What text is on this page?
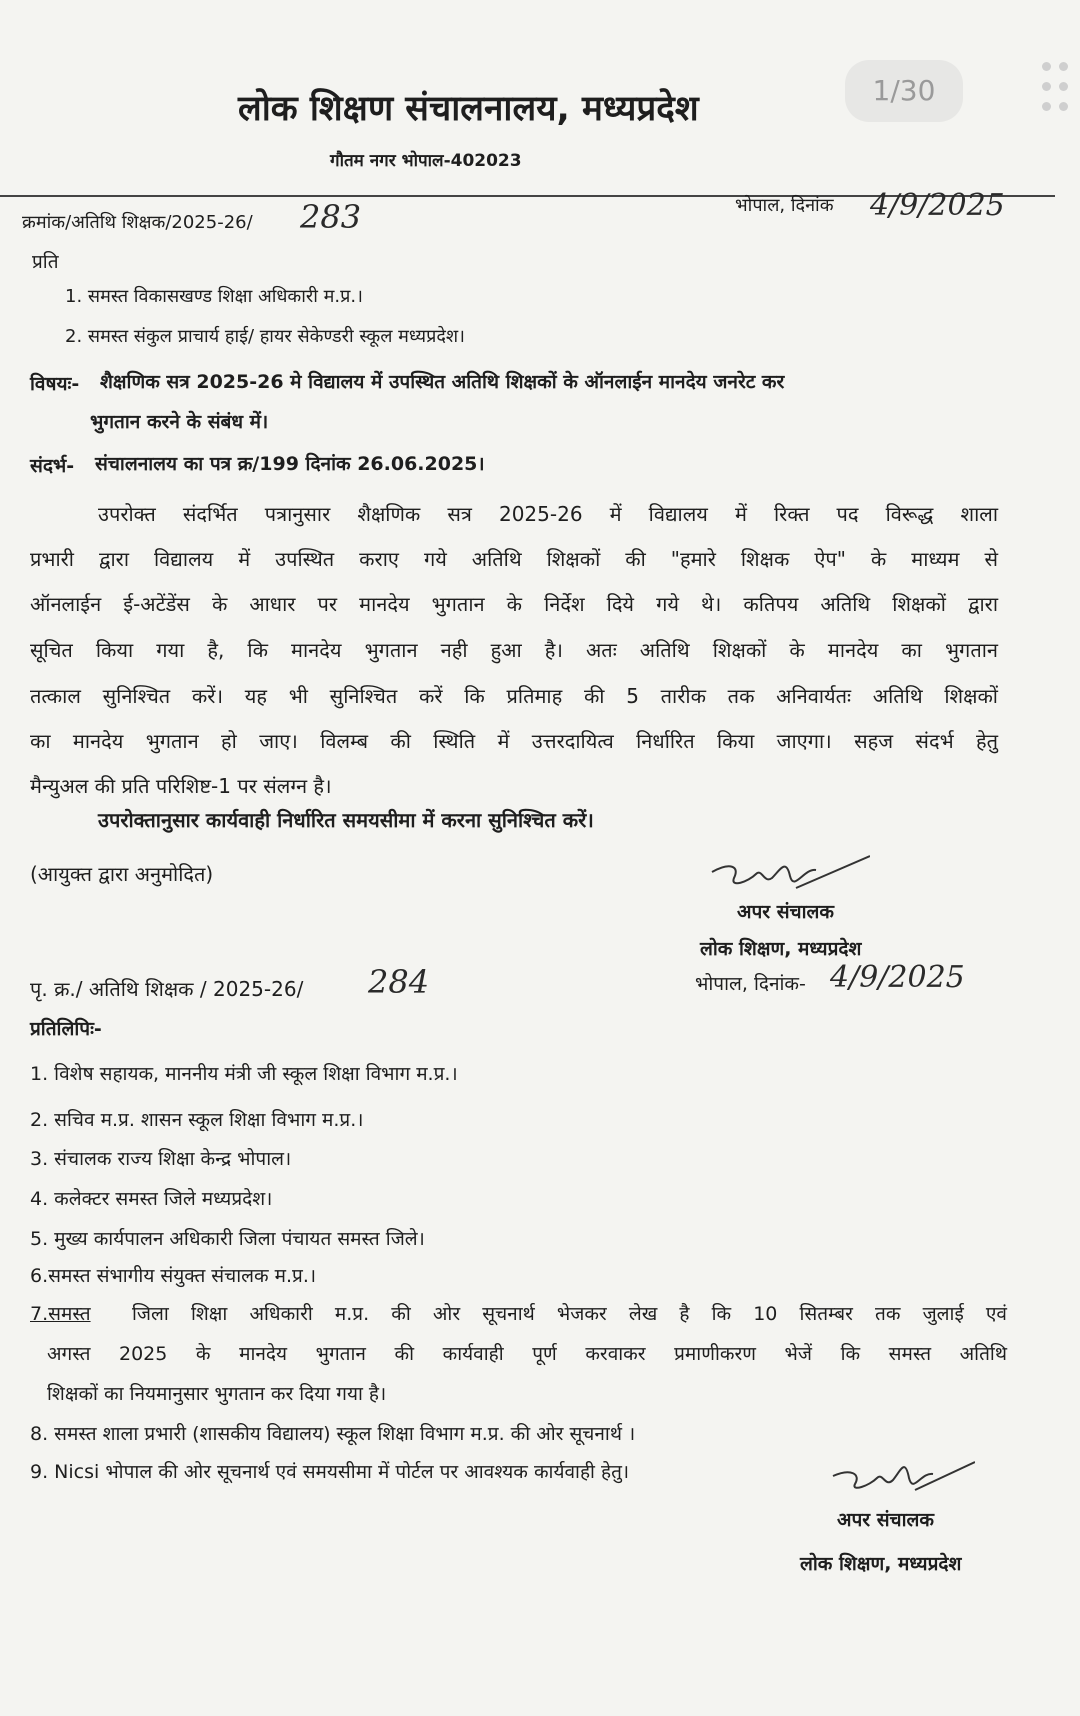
1/30

लोक शिक्षण संचालनालय, मध्यप्रदेश

गौतम नगर भोपाल-402023

क्रमांक/अतिथि शिक्षक/2025-26/ 283	भोपाल, दिनांक 4/9/2025

प्रति

1. समस्त विकासखण्ड शिक्षा अधिकारी म.प्र.।

2. समस्त संकुल प्राचार्य हाई/ हायर सेकेण्डरी स्कूल मध्यप्रदेश।

विषयः- शैक्षणिक सत्र 2025-26 मे विद्यालय में उपस्थित अतिथि शिक्षकों के ऑनलाईन मानदेय जनरेट कर

भुगतान करने के संबंध में।

संदर्भ- संचालनालय का पत्र क्र/199 दिनांक 26.06.2025।

उपरोक्त संदर्भित पत्रानुसार शैक्षणिक सत्र 2025-26 में विद्यालय में रिक्त पद विरूद्ध शाला

प्रभारी द्वारा विद्यालय में उपस्थित कराए गये अतिथि शिक्षकों की "हमारे शिक्षक ऐप" के माध्यम से

ऑनलाईन ई-अटेंडेंस के आधार पर मानदेय भुगतान के निर्देश दिये गये थे। कतिपय अतिथि शिक्षकों द्वारा

सूचित किया गया है, कि मानदेय भुगतान नही हुआ है। अतः अतिथि शिक्षकों के मानदेय का भुगतान

तत्काल सुनिश्चित करें। यह भी सुनिश्चित करें कि प्रतिमाह की 5 तारीक तक अनिवार्यतः अतिथि शिक्षकों

का मानदेय भुगतान हो जाए। विलम्ब की स्थिति में उत्तरदायित्व निर्धारित किया जाएगा। सहज संदर्भ हेतु

मैन्युअल की प्रति परिशिष्ट-1 पर संलग्न है।

उपरोक्तानुसार कार्यवाही निर्धारित समयसीमा में करना सुनिश्चित करें।

(आयुक्त द्वारा अनुमोदित)

अपर संचालक

लोक शिक्षण, मध्यप्रदेश

पृ. क्र./ अतिथि शिक्षक / 2025-26/ 284	भोपाल, दिनांक- 4/9/2025

प्रतिलिपिः-

1. विशेष सहायक, माननीय मंत्री जी स्कूल शिक्षा विभाग म.प्र.।

2. सचिव म.प्र. शासन स्कूल शिक्षा विभाग म.प्र.।

3. संचालक राज्य शिक्षा केन्द्र भोपाल।

4. कलेक्टर समस्त जिले मध्यप्रदेश।

5. मुख्य कार्यपालन अधिकारी जिला पंचायत समस्त जिले।

6.समस्त संभागीय संयुक्त संचालक म.प्र.।

7.समस्त जिला शिक्षा अधिकारी म.प्र. की ओर सूचनार्थ भेजकर लेख है कि 10 सितम्बर तक जुलाई एवं

अगस्त 2025 के मानदेय भुगतान की कार्यवाही पूर्ण करवाकर प्रमाणीकरण भेजें कि समस्त अतिथि

शिक्षकों का नियमानुसार भुगतान कर दिया गया है।

8. समस्त शाला प्रभारी (शासकीय विद्यालय) स्कूल शिक्षा विभाग म.प्र. की ओर सूचनार्थ ।

9. Nicsi भोपाल की ओर सूचनार्थ एवं समयसीमा में पोर्टल पर आवश्यक कार्यवाही हेतु।

अपर संचालक

लोक शिक्षण, मध्यप्रदेश
